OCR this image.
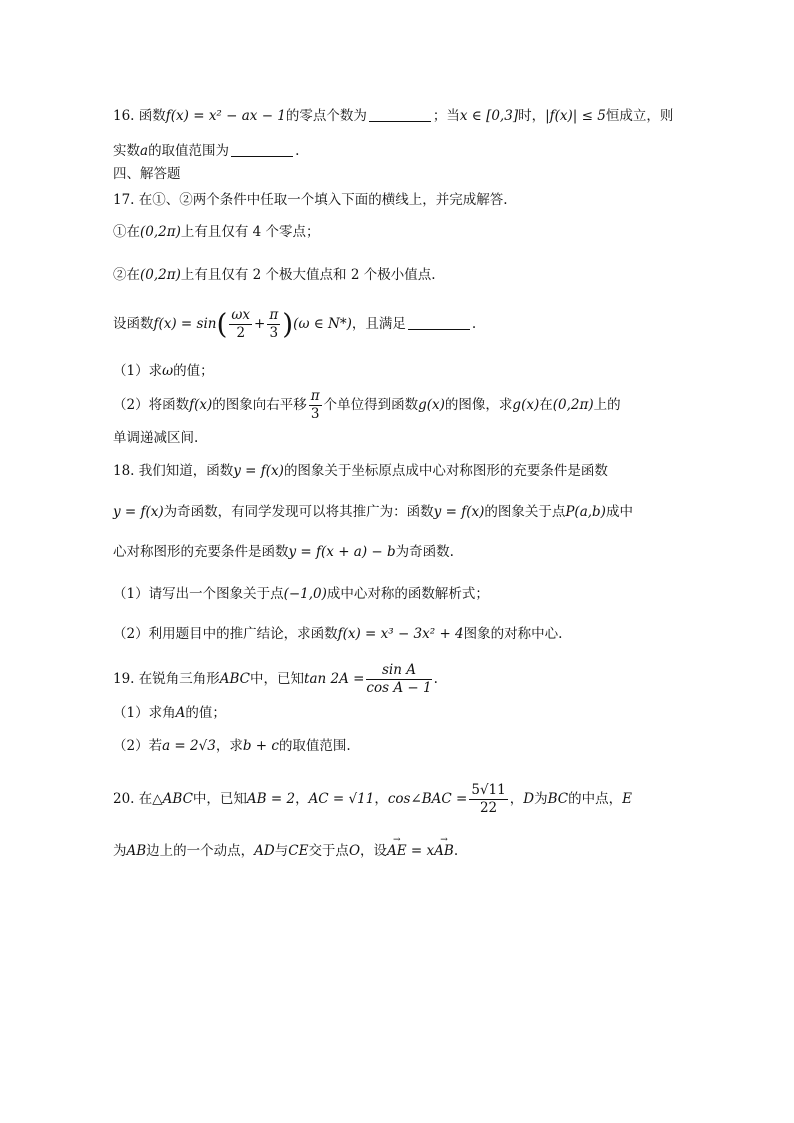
16. 函数f(x) = x² − ax − 1的零点个数为	；当x ∈ [0,3]时，|f(x)| ≤ 5恒成立，则
实数a的取值范围为	.
四、解答题
17. 在①、②两个条件中任取一个填入下面的横线上，并完成解答.
①在(0,2π)上有且仅有 4 个零点；
②在(0,2π)上有且仅有 2 个极大值点和 2 个极小值点.
设函数$f(x) = \sin( \frac{\omega x}{2} + \frac{\pi}{3} )(\omega$ ∈ N*)，且满足	.
（1）求ω的值；
（2）将函数f(x)的图象向右平移 $\frac{\pi}{3}$ 个单位得到函数g(x)的图像，求g(x)在(0,2π)上的
单调递减区间.
18. 我们知道，函数y = f(x)的图象关于坐标原点成中心对称图形的充要条件是函数
y = f(x)为奇函数，有同学发现可以将其推广为：函数y = f(x)的图象关于点P(a,b)成中
心对称图形的充要条件是函数y = f(x + a) − b为奇函数.
（1）请写出一个图象关于点(−1,0)成中心对称的函数解析式；
（2）利用题目中的推广结论，求函数f(x) = x³ − 3x² + 4图象的对称中心.
19. 在锐角三角形ABC中，已知$\tan 2A = \frac{\text{sin A}}{\text{cos A − 1}}$ .
（1）求角A的值；
（2）若a = 2√3，求b + c的取值范围.
20. 在△ABC中，已知AB = 2，AC = √11，cos∠BAC = $\frac{5√11}{22}$ ，D为BC的中点，E
为AB边上的一个动点，AD与CE交于点O，设→ AE = x→ AB.
